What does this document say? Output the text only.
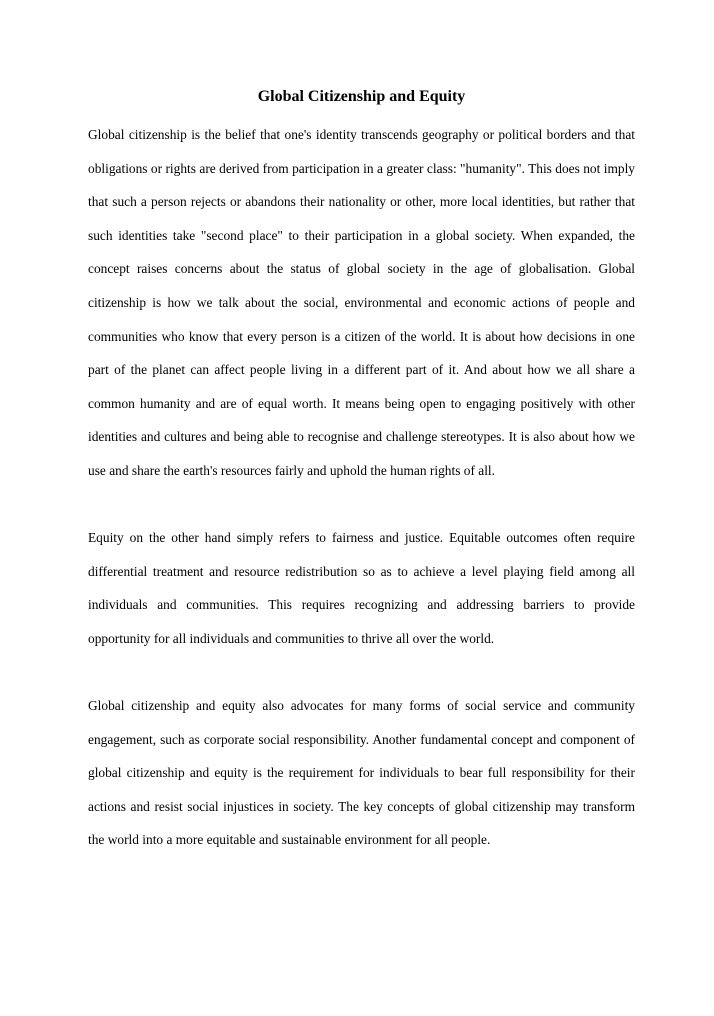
Global Citizenship and Equity

Global citizenship is the belief that one's identity transcends geography or political borders and that obligations or rights are derived from participation in a greater class: "humanity". This does not imply that such a person rejects or abandons their nationality or other, more local identities, but rather that such identities take "second place" to their participation in a global society. When expanded, the concept raises concerns about the status of global society in the age of globalisation. Global citizenship is how we talk about the social, environmental and economic actions of people and communities who know that every person is a citizen of the world. It is about how decisions in one part of the planet can affect people living in a different part of it. And about how we all share a common humanity and are of equal worth. It means being open to engaging positively with other identities and cultures and being able to recognise and challenge stereotypes. It is also about how we use and share the earth's resources fairly and uphold the human rights of all.

Equity on the other hand simply refers to fairness and justice. Equitable outcomes often require differential treatment and resource redistribution so as to achieve a level playing field among all individuals and communities. This requires recognizing and addressing barriers to provide opportunity for all individuals and communities to thrive all over the world.

Global citizenship and equity also advocates for many forms of social service and community engagement, such as corporate social responsibility. Another fundamental concept and component of global citizenship and equity is the requirement for individuals to bear full responsibility for their actions and resist social injustices in society. The key concepts of global citizenship may transform the world into a more equitable and sustainable environment for all people.
